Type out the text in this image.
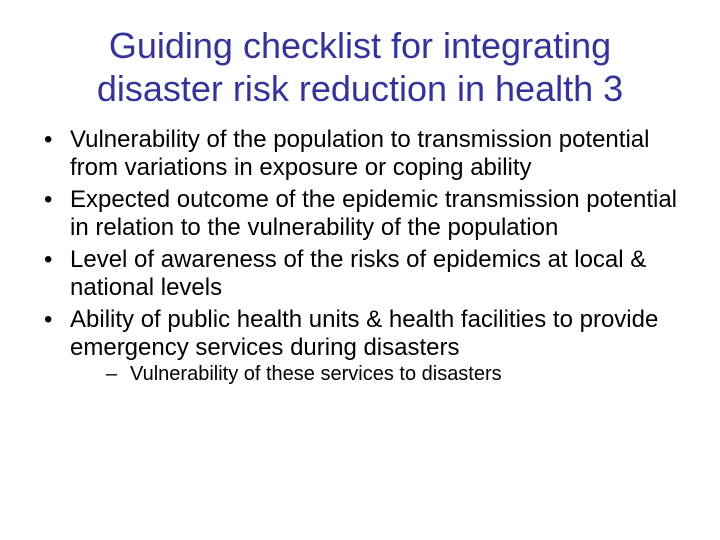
Guiding checklist for integrating
disaster risk reduction in health 3
• Vulnerability of the population to transmission potential from variations in exposure or coping ability
• Expected outcome of the epidemic transmission potential in relation to the vulnerability of the population
• Level of awareness of the risks of epidemics at local & national levels
• Ability of public health units & health facilities to provide emergency services during disasters
– Vulnerability of these services to disasters
